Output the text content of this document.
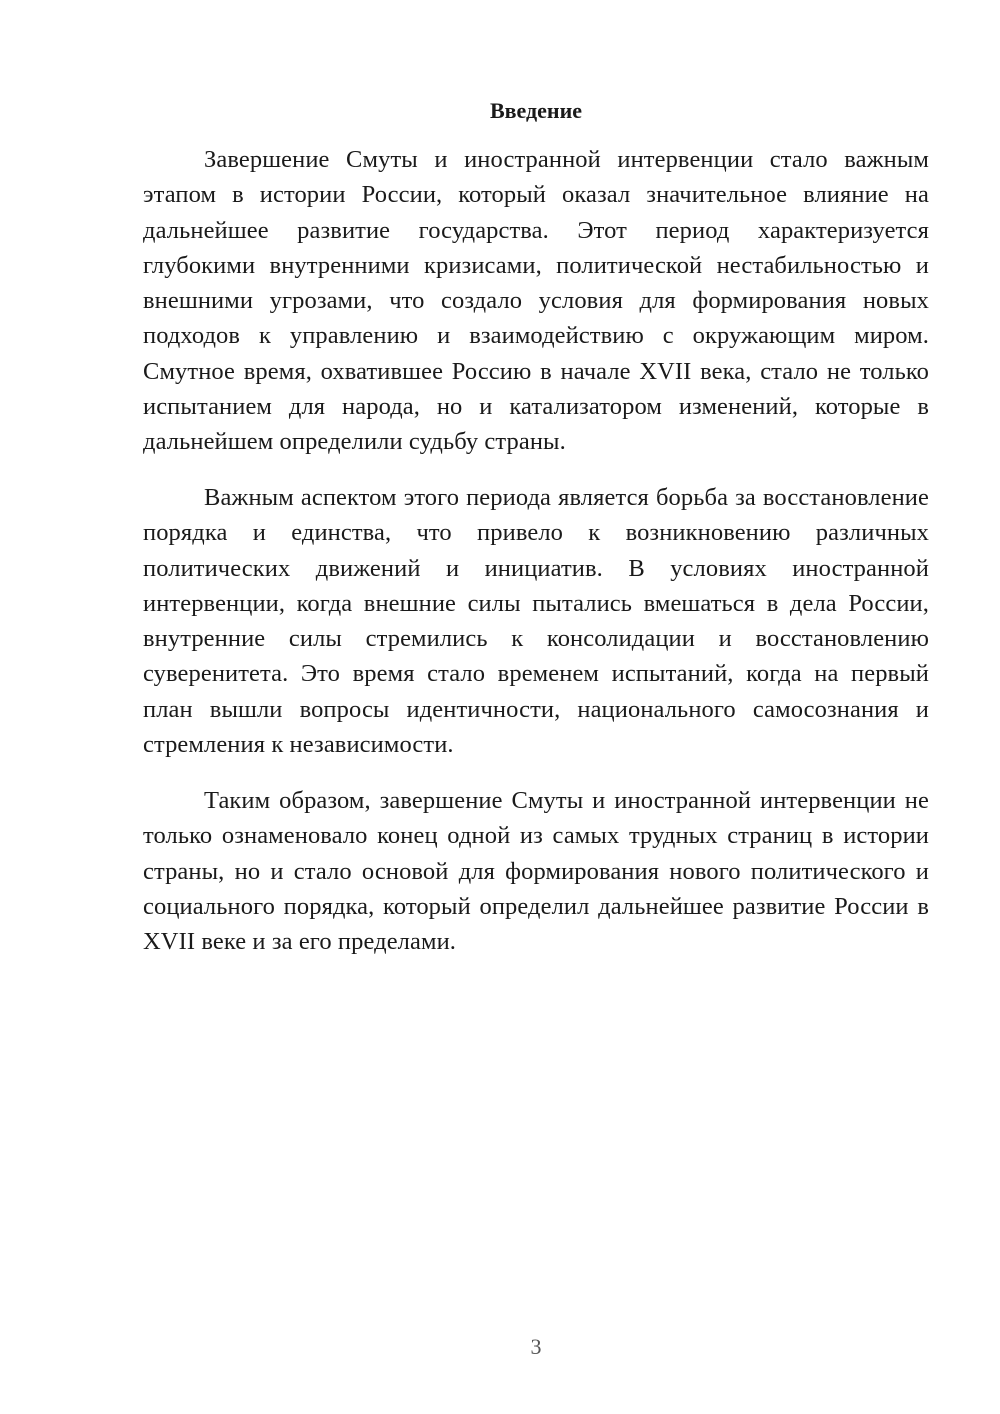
Введение

Завершение Смуты и иностранной интервенции стало важным этапом в истории России, который оказал значительное влияние на дальнейшее развитие государства. Этот период характеризуется глубокими внутренними кризисами, политической нестабильностью и внешними угрозами, что создало условия для формирования новых подходов к управлению и взаимодействию с окружающим миром. Смутное время, охватившее Россию в начале XVII века, стало не только испытанием для народа, но и катализатором изменений, которые в дальнейшем определили судьбу страны.

Важным аспектом этого периода является борьба за восстановление порядка и единства, что привело к возникновению различных политических движений и инициатив. В условиях иностранной интервенции, когда внешние силы пытались вмешаться в дела России, внутренние силы стремились к консолидации и восстановлению суверенитета. Это время стало временем испытаний, когда на первый план вышли вопросы идентичности, национального самосознания и стремления к независимости.

Таким образом, завершение Смуты и иностранной интервенции не только ознаменовало конец одной из самых трудных страниц в истории страны, но и стало основой для формирования нового политического и социального порядка, который определил дальнейшее развитие России в XVII веке и за его пределами.

3
